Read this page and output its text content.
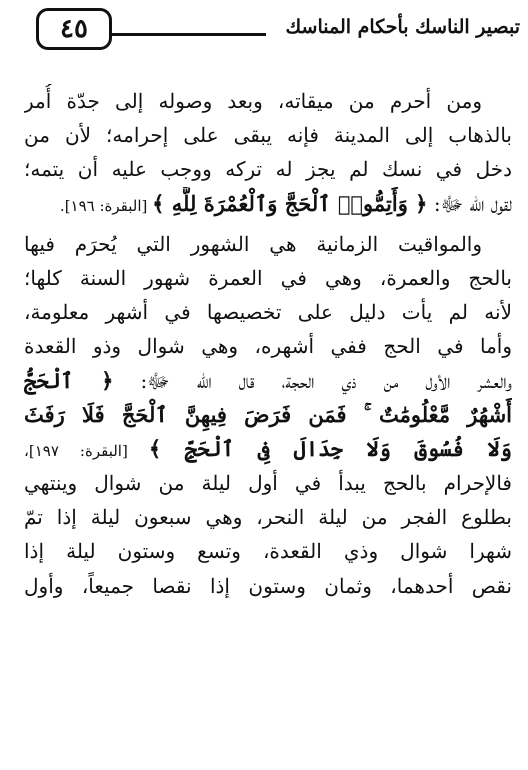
٤٥	تبصير الناسك بأحكام المناسك
ومن أحرم من ميقاته، وبعد وصوله إلى جدّة أُمر
بالذهاب إلى المدينة فإنه يبقى على إحرامه؛ لأن من
دخل في نسك لم يجز له تركه ووجب عليه أن يتمه؛
لقول الله ﷻ: ﴿ وَأَتِمُّوا۟ ٱلْحَجَّ وَٱلْعُمْرَةَ لِلَّهِ ﴾ [البقرة: ١٩٦].
والمواقيت الزمانية هي الشهور التي يُحرَم فيها
بالحج والعمرة، وهي في العمرة شهور السنة كلها؛
لأنه لم يأت دليل على تخصيصها في أشهر معلومة،
وأما في الحج ففي أشهره، وهي شوال وذو القعدة
والعشر الأول من ذي الحجة، قال الله ﷻ: ﴿ ٱلْحَجُّ
أَشْهُرٌ مَّعْلُومَٰتٌ ۚ فَمَن فَرَضَ فِيهِنَّ ٱلْحَجَّ فَلَا رَفَثَ
وَلَا فُسُوقَ وَلَا جِدَالَ فِى ٱلْحَجِّ ﴾ [البقرة: ١٩٧]،
فالإحرام بالحج يبدأ في أول ليلة من شوال وينتهي
بطلوع الفجر من ليلة النحر، وهي سبعون ليلة إذا تمّ
شهرا شوال وذي القعدة، وتسع وستون ليلة إذا
نقص أحدهما، وثمان وستون إذا نقصا جميعاً، وأول
